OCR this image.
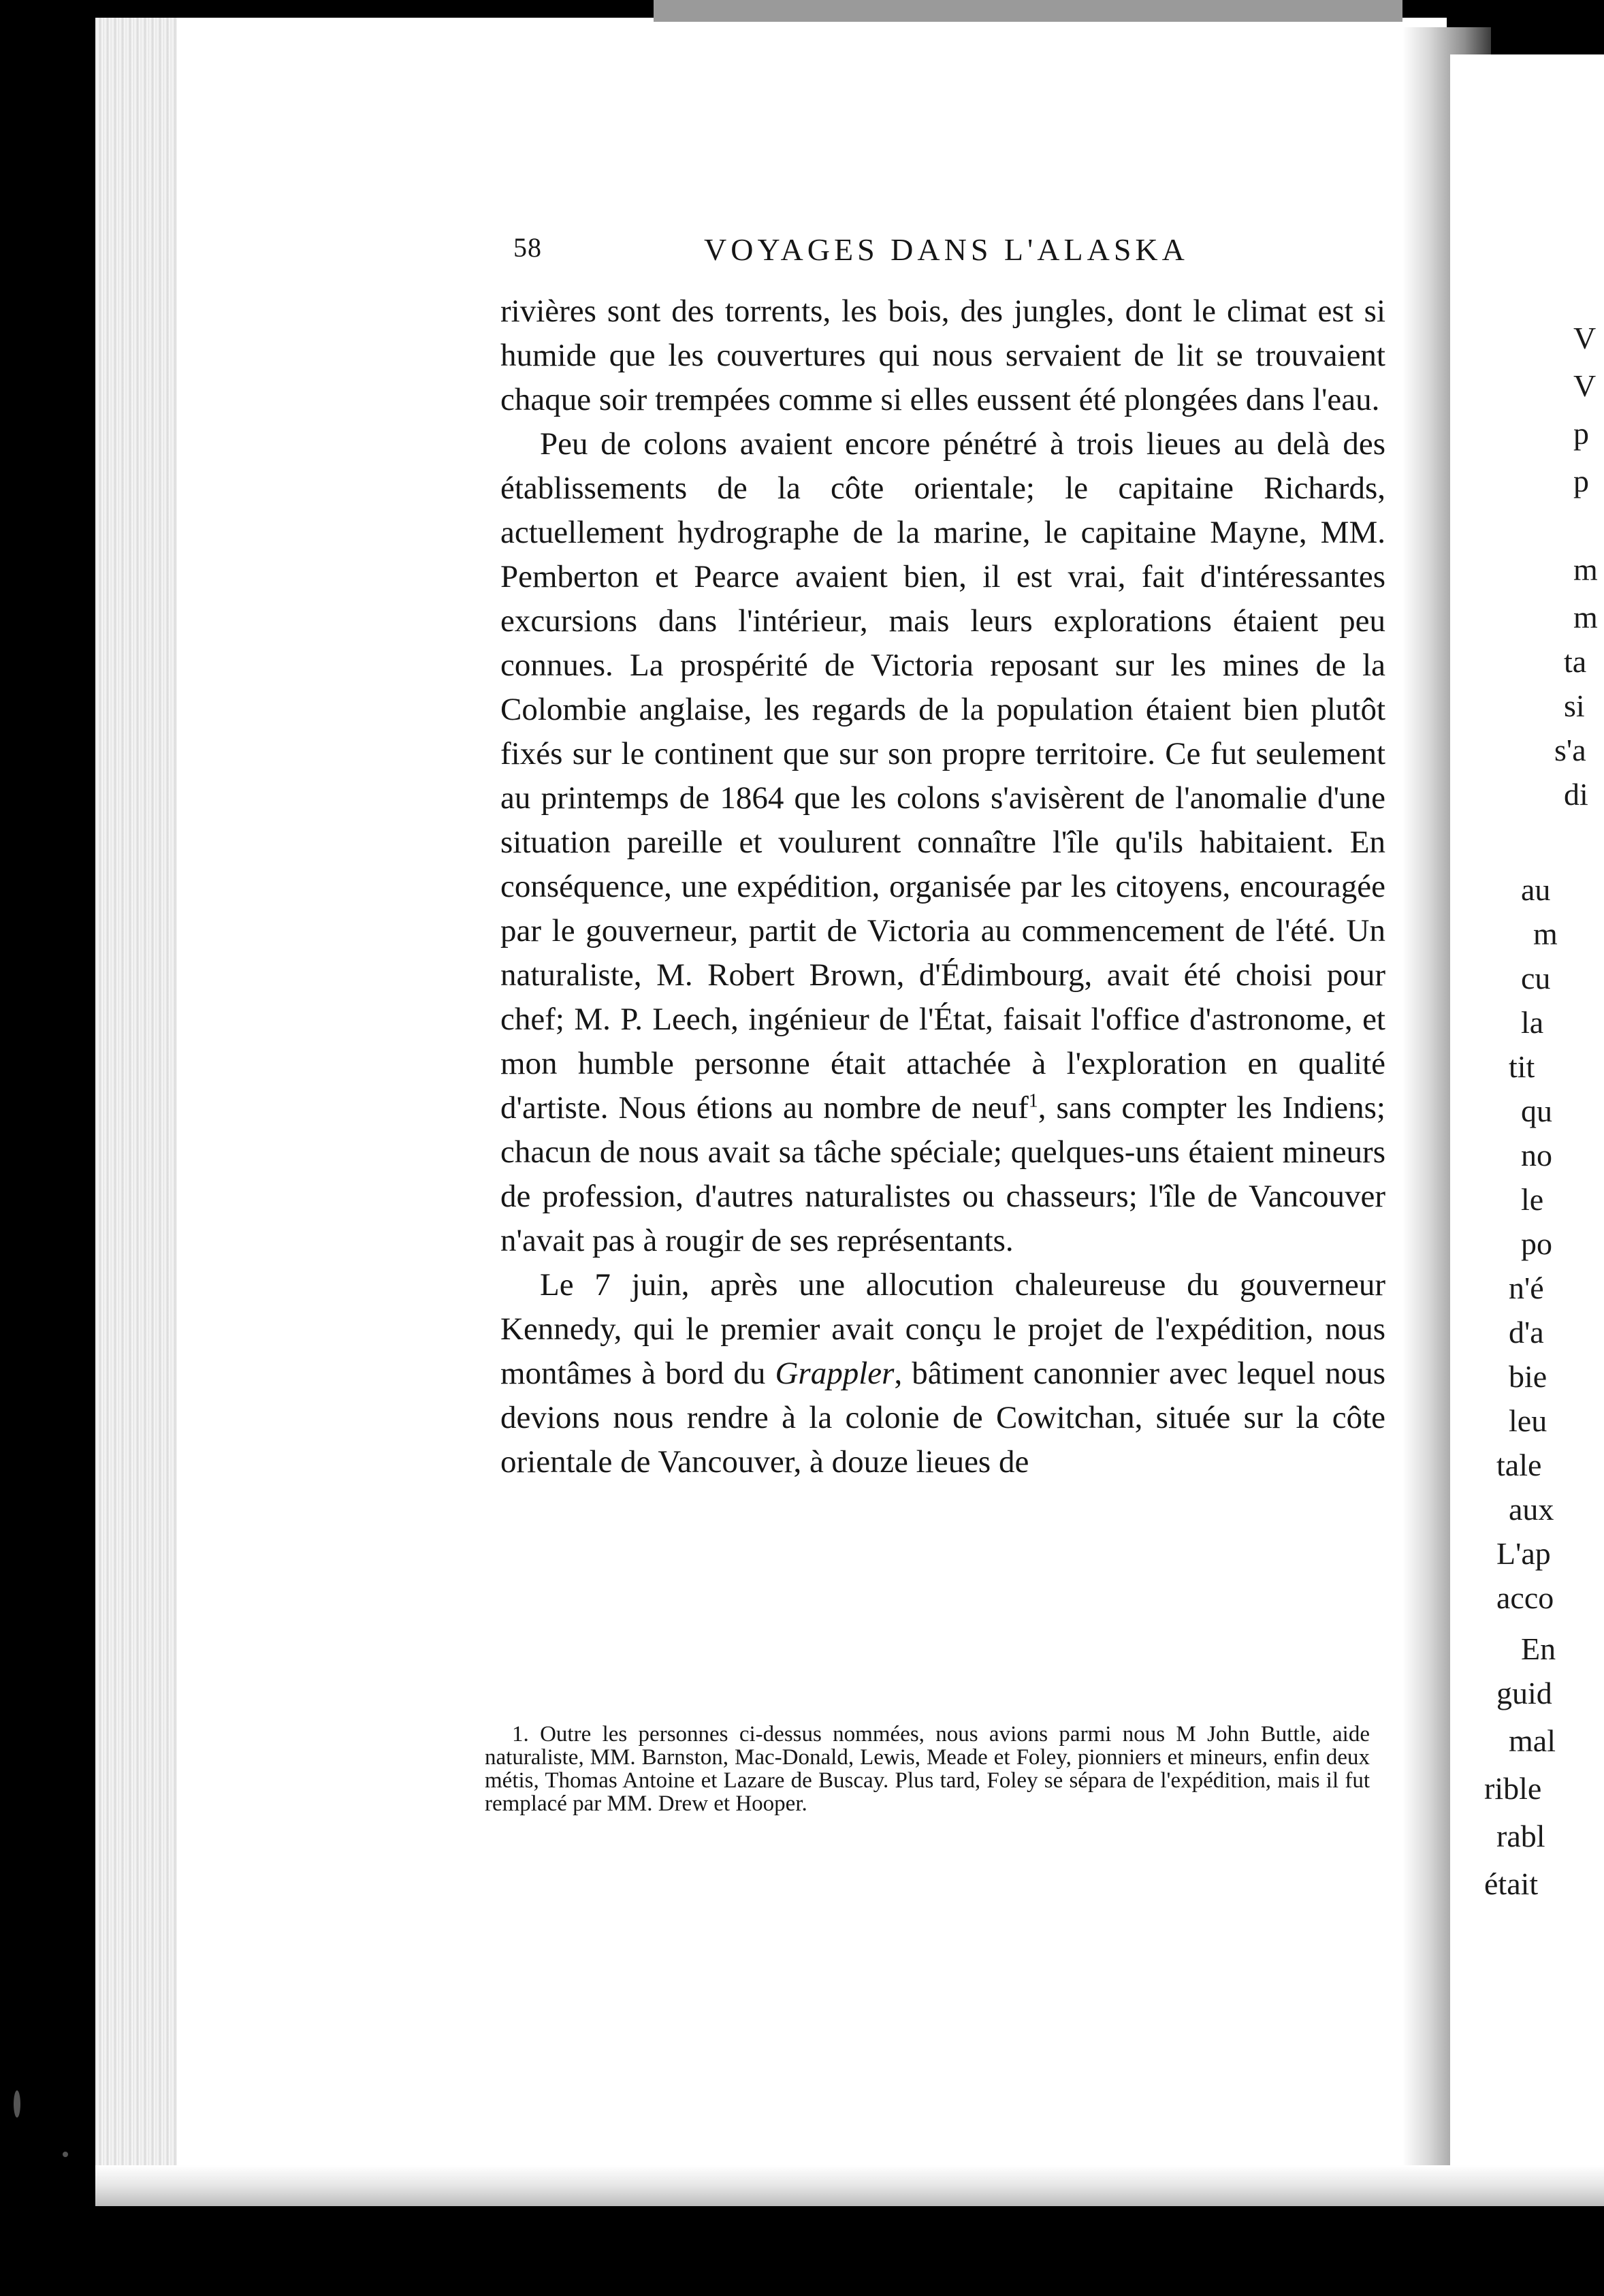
58	VOYAGES DANS L'ALASKA

rivières sont des torrents, les bois, des jungles, dont le climat est si humide que les couvertures qui nous servaient de lit se trouvaient chaque soir trempées comme si elles eussent été plongées dans l'eau.

Peu de colons avaient encore pénétré à trois lieues au delà des établissements de la côte orientale; le capitaine Richards, actuellement hydrographe de la marine, le capitaine Mayne, MM. Pemberton et Pearce avaient bien, il est vrai, fait d'intéressantes excursions dans l'intérieur, mais leurs explorations étaient peu connues. La prospérité de Victoria reposant sur les mines de la Colombie anglaise, les regards de la population étaient bien plutôt fixés sur le continent que sur son propre territoire. Ce fut seulement au printemps de 1864 que les colons s'avisèrent de l'anomalie d'une situation pareille et voulurent connaître l'île qu'ils habitaient. En conséquence, une expédition, organisée par les citoyens, encouragée par le gouverneur, partit de Victoria au commencement de l'été. Un naturaliste, M. Robert Brown, d'Édimbourg, avait été choisi pour chef; M. P. Leech, ingénieur de l'État, faisait l'office d'astronome, et mon humble personne était attachée à l'exploration en qualité d'artiste. Nous étions au nombre de neuf$^1$, sans compter les Indiens; chacun de nous avait sa tâche spéciale; quelques-uns étaient mineurs de profession, d'autres naturalistes ou chasseurs; l'île de Vancouver n'avait pas à rougir de ses représentants.

Le 7 juin, après une allocution chaleureuse du gouverneur Kennedy, qui le premier avait conçu le projet de l'expédition, nous montâmes à bord du Grappler, bâtiment canonnier avec lequel nous devions nous rendre à la colonie de Cowitchan, située sur la côte orientale de Vancouver, à douze lieues de

1. Outre les personnes ci-dessus nommées, nous avions parmi nous M John Buttle, aide naturaliste, MM. Barnston, Mac-Donald, Lewis, Meade et Foley, pionniers et mineurs, enfin deux métis, Thomas Antoine et Lazare de Buscay. Plus tard, Foley se sépara de l'expédition, mais il fut remplacé par MM. Drew et Hooper.
V
V
p
p
m
m
ta
si
s'a
di
au
m
cu
la
tit
qu
no
le
po
n'é
d'a
bie
leu
tale
aux
L'ap
acco
En
guid
mal
rible
rabl
était
